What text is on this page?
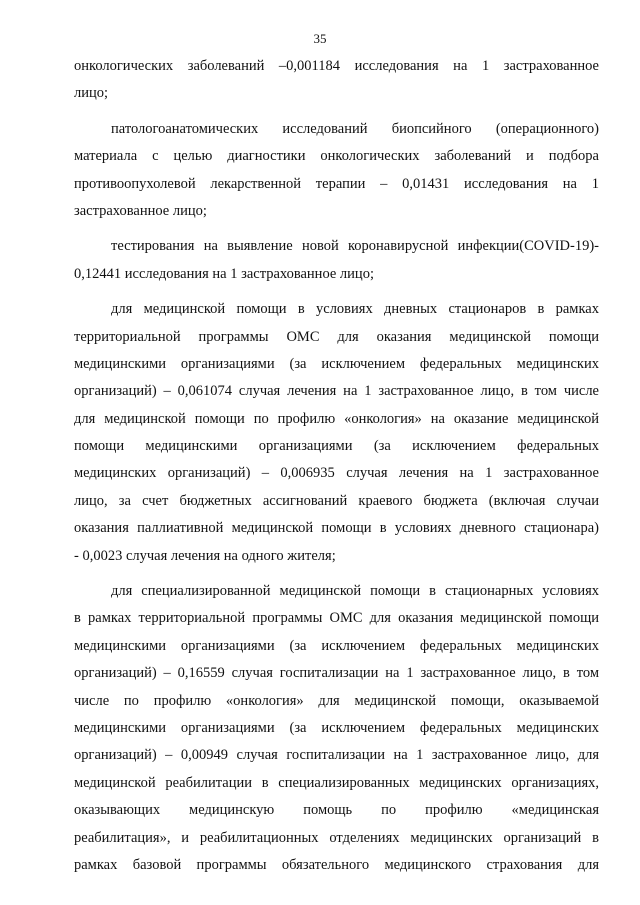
35
онкологических заболеваний –0,001184 исследования на 1 застрахованное
лицо;
патологоанатомических исследований биопсийного (операционного)
материала с целью диагностики онкологических заболеваний и подбора
противоопухолевой лекарственной терапии – 0,01431 исследования на 1
застрахованное лицо;
тестирования на выявление новой коронавирусной инфекции(COVID-19)-
0,12441 исследования на 1 застрахованное лицо;
для медицинской помощи в условиях дневных стационаров в рамках
территориальной программы ОМС для оказания медицинской помощи
медицинскими организациями (за исключением федеральных медицинских
организаций) – 0,061074 случая лечения на 1 застрахованное лицо, в том числе
для медицинской помощи по профилю «онкология» на оказание медицинской
помощи медицинскими организациями (за исключением федеральных
медицинских организаций) – 0,006935 случая лечения на 1 застрахованное
лицо, за счет бюджетных ассигнований краевого бюджета (включая случаи
оказания паллиативной медицинской помощи в условиях дневного стационара)
- 0,0023 случая лечения на одного жителя;
для специализированной медицинской помощи в стационарных условиях
в рамках территориальной программы ОМС для оказания медицинской помощи
медицинскими организациями (за исключением федеральных медицинских
организаций) – 0,16559 случая госпитализации на 1 застрахованное лицо, в том
числе по профилю «онкология» для медицинской помощи, оказываемой
медицинскими организациями (за исключением федеральных медицинских
организаций) – 0,00949 случая госпитализации на 1 застрахованное лицо, для
медицинской реабилитации в специализированных медицинских организациях,
оказывающих медицинскую помощь по профилю «медицинская
реабилитация», и реабилитационных отделениях медицинских организаций в
рамках базовой программы обязательного медицинского страхования для
